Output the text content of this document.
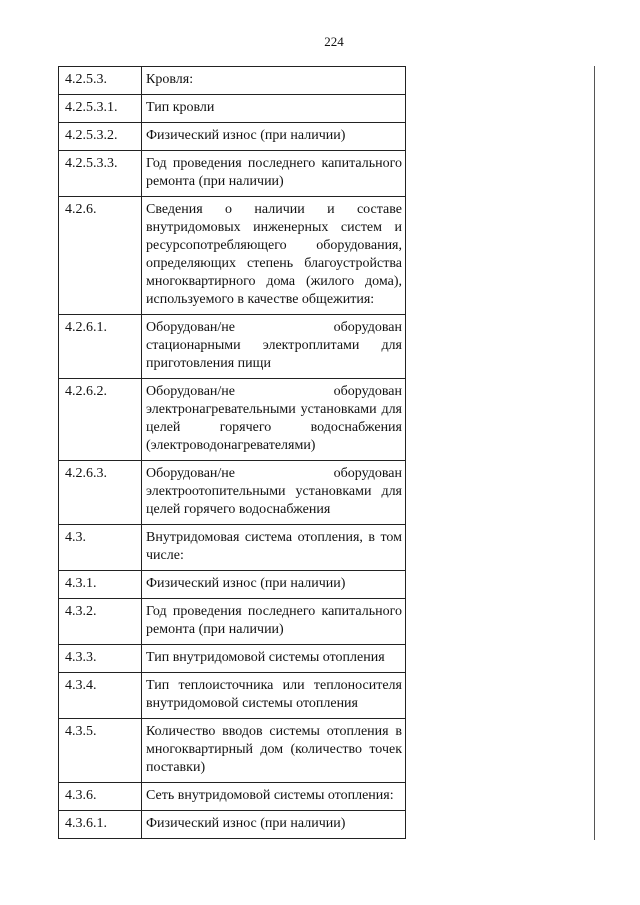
224
4.2.5.3.	Кровля:
4.2.5.3.1.	Тип кровли
4.2.5.3.2.	Физический износ (при наличии)
4.2.5.3.3.	Год проведения последнего капитального ремонта (при наличии)
4.2.6.	Сведения о наличии и составе внутридомовых инженерных систем и ресурсопотребляющего оборудования, определяющих степень благоустройства многоквартирного дома (жилого дома), используемого в качестве общежития:
4.2.6.1.	Оборудован/не оборудован стационарными электроплитами для приготовления пищи
4.2.6.2.	Оборудован/не оборудован электронагревательными установками для целей горячего водоснабжения (электроводонагревателями)
4.2.6.3.	Оборудован/не оборудован электроотопительными установками для целей горячего водоснабжения
4.3.	Внутридомовая система отопления, в том числе:
4.3.1.	Физический износ (при наличии)
4.3.2.	Год проведения последнего капитального ремонта (при наличии)
4.3.3.	Тип внутридомовой системы отопления
4.3.4.	Тип теплоисточника или теплоносителя внутридомовой системы отопления
4.3.5.	Количество вводов системы отопления в многоквартирный дом (количество точек поставки)
4.3.6.	Сеть внутридомовой системы отопления:
4.3.6.1.	Физический износ (при наличии)
